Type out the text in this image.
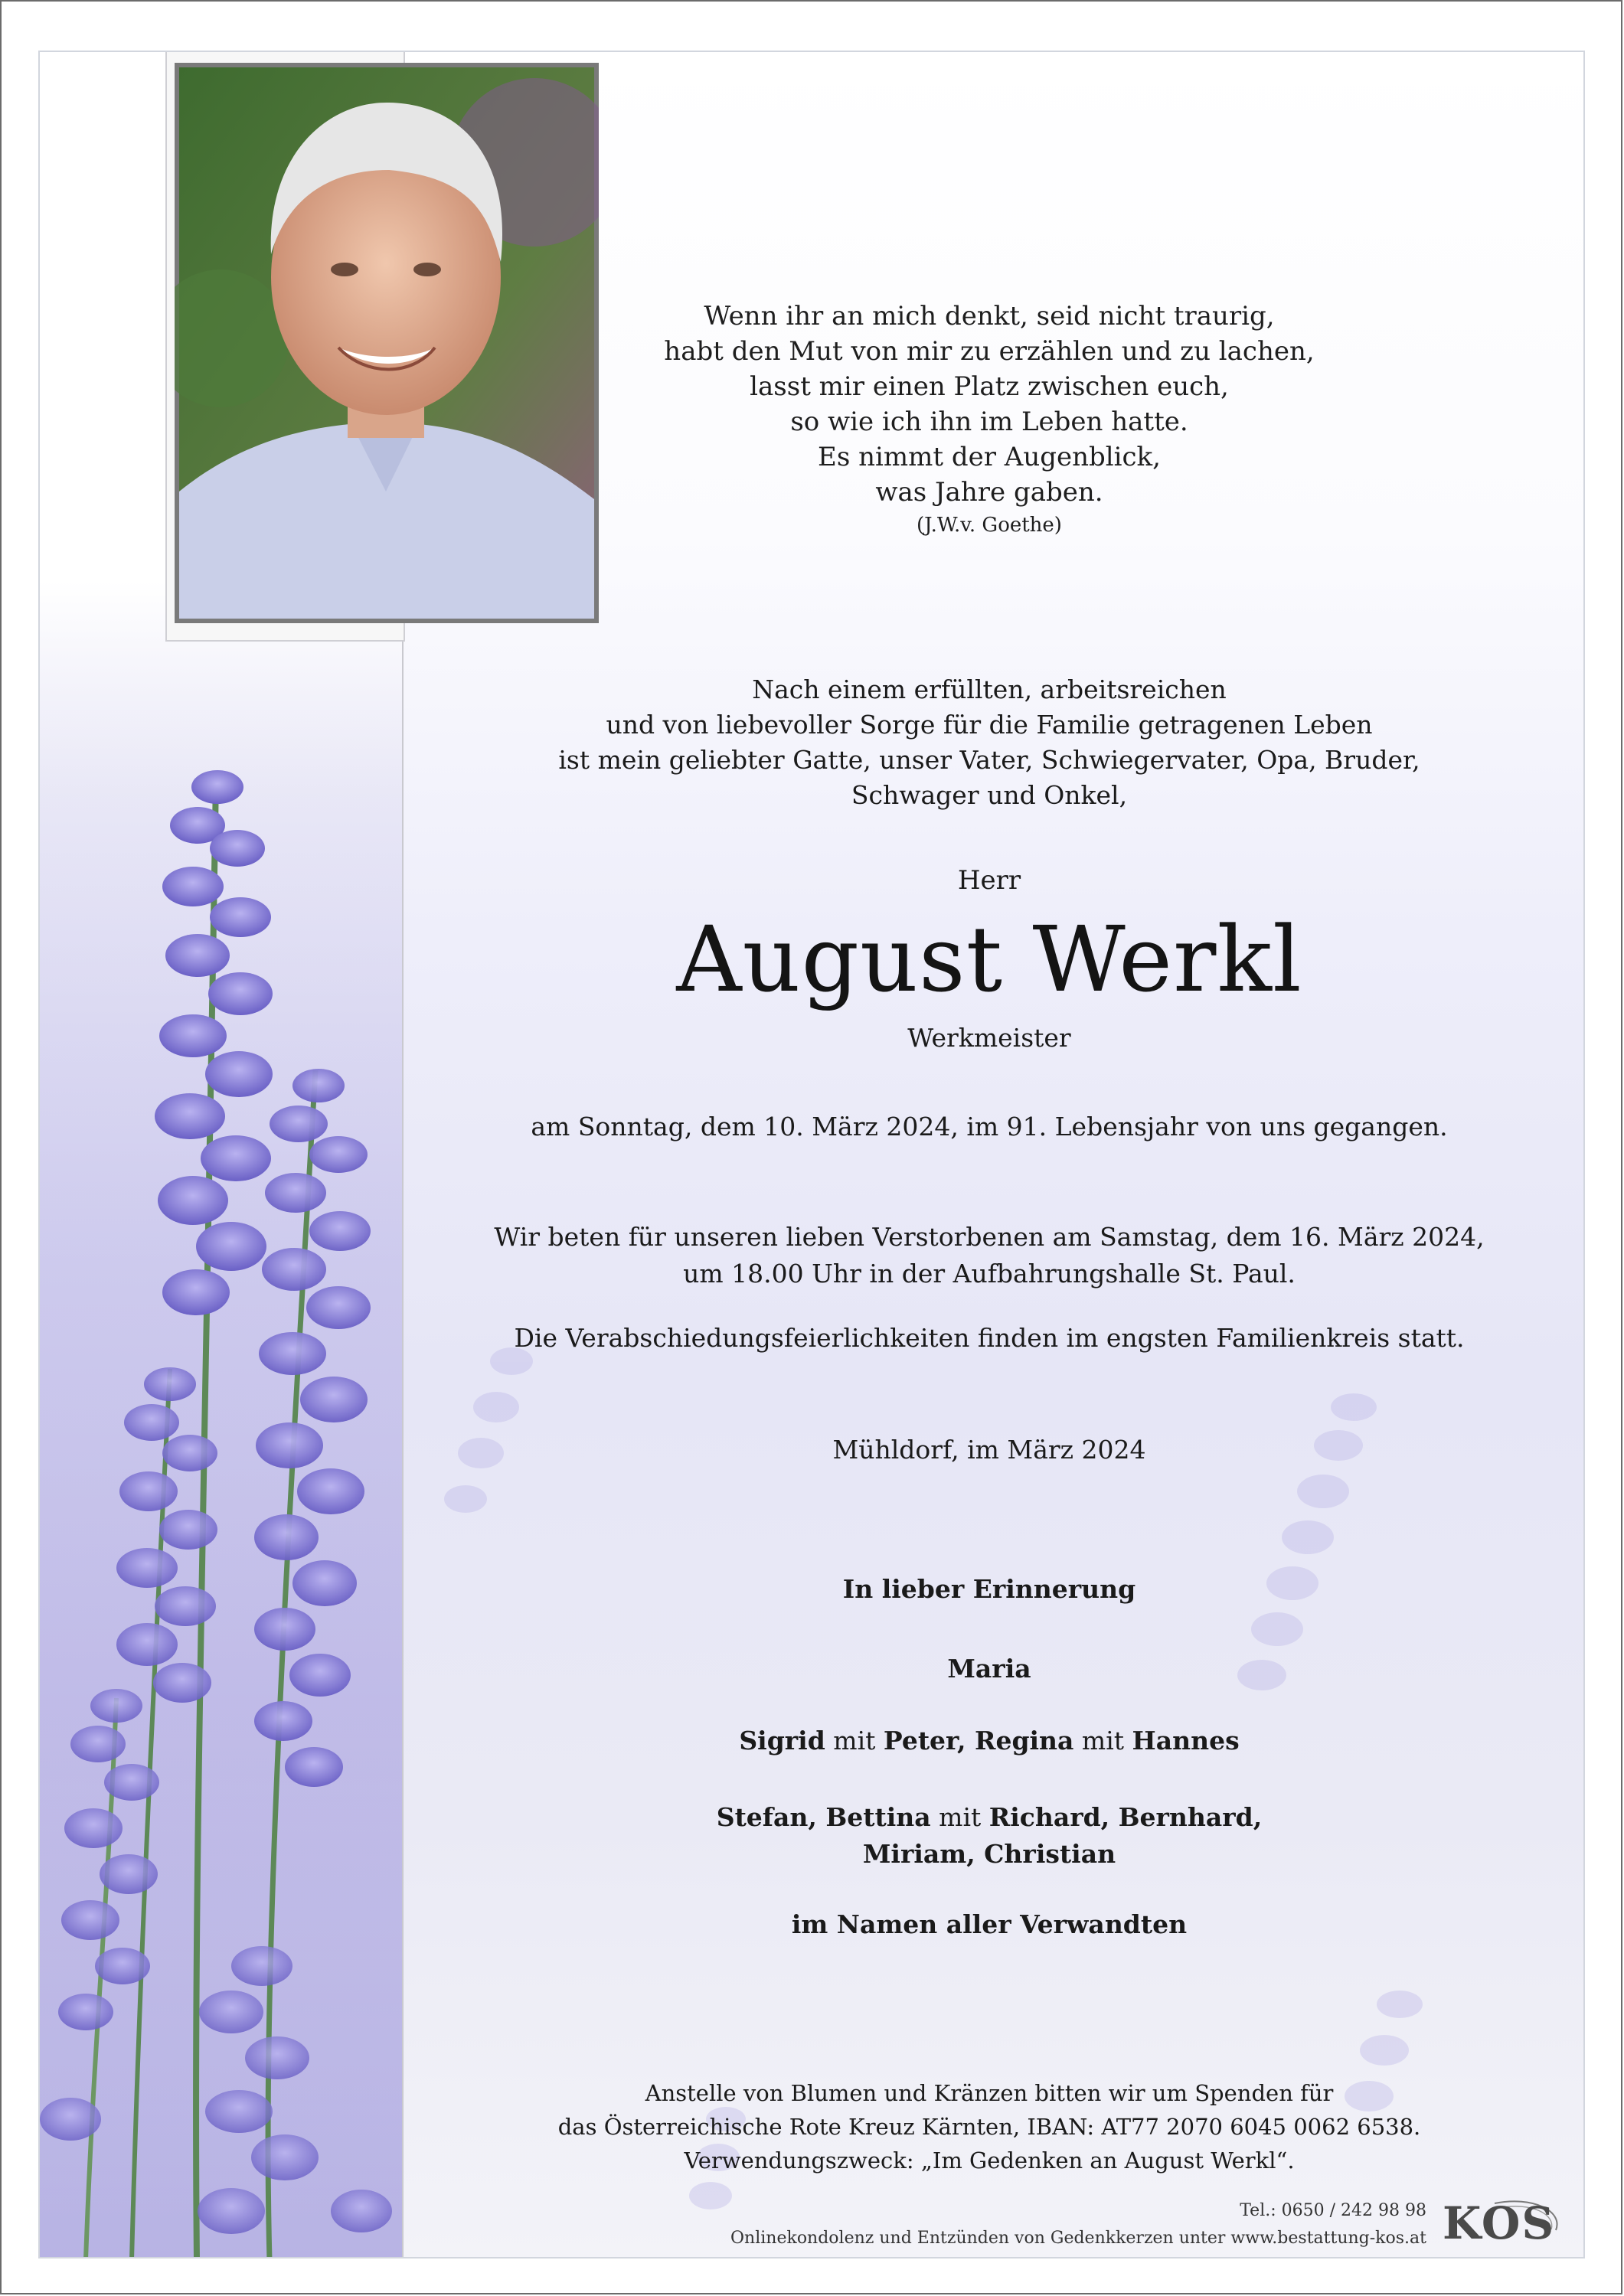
Wenn ihr an mich denkt, seid nicht traurig,
habt den Mut von mir zu erzählen und zu lachen,
lasst mir einen Platz zwischen euch,
so wie ich ihn im Leben hatte.
Es nimmt der Augenblick,
was Jahre gaben.
(J.W.v. Goethe)
Nach einem erfüllten, arbeitsreichen
und von liebevoller Sorge für die Familie getragenen Leben
ist mein geliebter Gatte, unser Vater, Schwiegervater, Opa, Bruder,
Schwager und Onkel,
Herr
August Werkl
Werkmeister
am Sonntag, dem 10. März 2024, im 91. Lebensjahr von uns gegangen.
Wir beten für unseren lieben Verstorbenen am Samstag, dem 16. März 2024,
um 18.00 Uhr in der Aufbahrungshalle St. Paul.
Die Verabschiedungsfeierlichkeiten finden im engsten Familienkreis statt.
Mühldorf, im März 2024
In lieber Erinnerung
Maria
Sigrid mit Peter, Regina mit Hannes
Stefan, Bettina mit Richard, Bernhard,
Miriam, Christian
im Namen aller Verwandten
Anstelle von Blumen und Kränzen bitten wir um Spenden für
das Österreichische Rote Kreuz Kärnten, IBAN: AT77 2070 6045 0062 6538.
Verwendungszweck: „Im Gedenken an August Werkl“.
Tel.: 0650 / 242 98 98
Onlinekondolenz und Entzünden von Gedenkkerzen unter www.bestattung-kos.at KOS
